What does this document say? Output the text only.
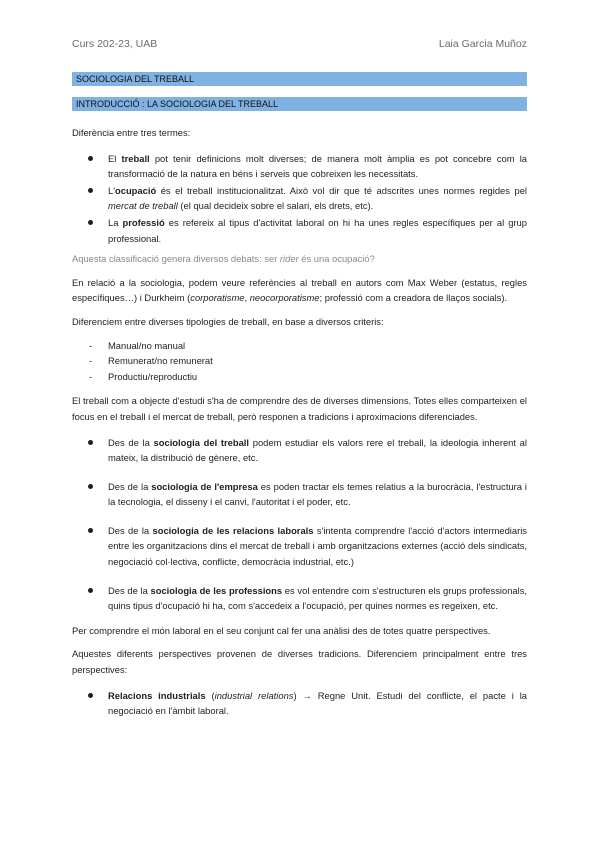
Curs 202-23, UAB	Laia Garcia Muñoz
SOCIOLOGIA DEL TREBALL
INTRODUCCIÓ : LA SOCIOLOGIA DEL TREBALL

Diferència entre tres termes:

El treball pot tenir definicions molt diverses; de manera molt àmplia es pot concebre com la transformació de la natura en béns i serveis que cobreixen les necessitats.
L'ocupació és el treball institucionalitzat. Això vol dir que té adscrites unes normes regides pel mercat de treball (el qual decideix sobre el salari, els drets, etc).
La professió es refereix al tipus d'activitat laboral on hi ha unes regles específiques per al grup professional.

Aquesta classificació genera diversos debats: ser rider és una ocupació?

En relació a la sociologia, podem veure referències al treball en autors com Max Weber (estatus, regles específiques…) i Durkheim (corporatisme, neocorporatisme; professió com a creadora de llaços socials).

Diferenciem entre diverses tipologies de treball, en base a diversos criteris:

- Manual/no manual
- Remunerat/no remunerat
- Productiu/reproductiu

El treball com a objecte d'estudi s'ha de comprendre des de diverses dimensions. Totes elles comparteixen el focus en el treball i el mercat de treball, però responen a tradicions i aproximacions diferenciades.

Des de la sociologia del treball podem estudiar els valors rere el treball, la ideologia inherent al mateix, la distribució de gènere, etc.
Des de la sociologia de l'empresa es poden tractar els temes relatius a la burocràcia, l'estructura i la tecnologia, el disseny i el canvi, l'autoritat i el poder, etc.
Des de la sociologia de les relacions laborals s'intenta comprendre l'acció d'actors intermediaris entre les organitzacions dins el mercat de treball i amb organitzacions externes (acció dels sindicats, negociació col·lectiva, conflicte, democràcia industrial, etc.)
Des de la sociologia de les professions es vol entendre com s'estructuren els grups professionals, quins tipus d'ocupació hi ha, com s'accedeix a l'ocupació, per quines normes es regeixen, etc.

Per comprendre el món laboral en el seu conjunt cal fer una anàlisi des de totes quatre perspectives.

Aquestes diferents perspectives provenen de diverses tradicions. Diferenciem principalment entre tres perspectives:

Relacions industrials (industrial relations) → Regne Unit. Estudi del conflicte, el pacte i la negociació en l'àmbit laboral.
